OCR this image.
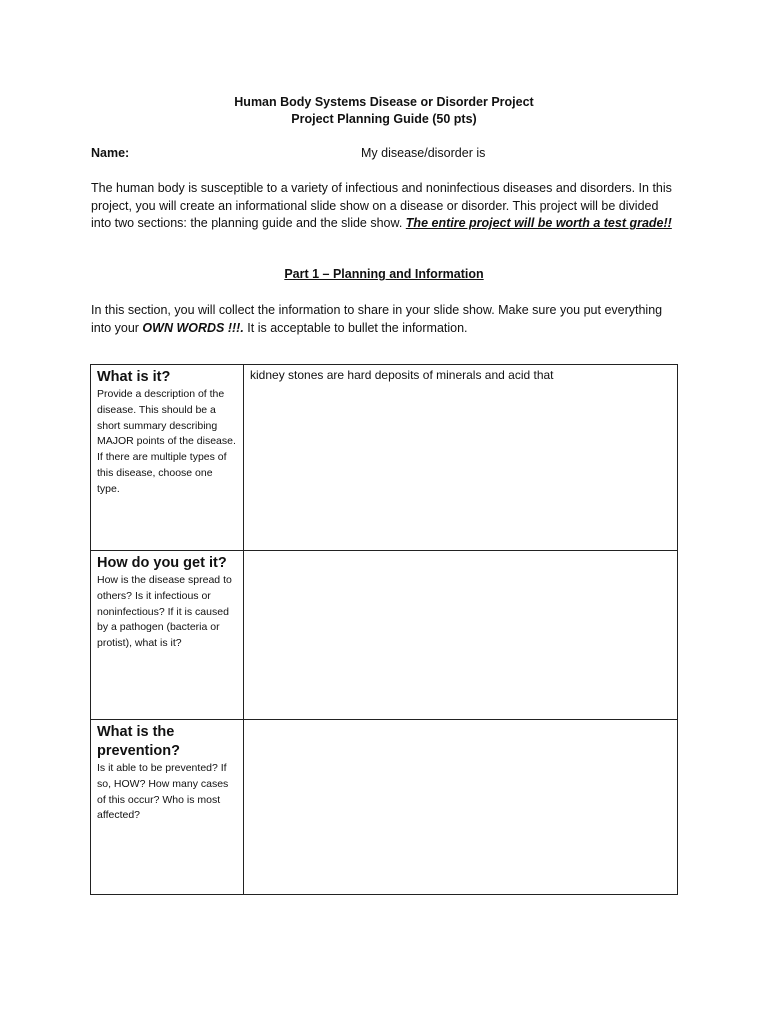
Human Body Systems Disease or Disorder Project
Project Planning Guide (50 pts)
Name:	My disease/disorder is
The human body is susceptible to a variety of infectious and noninfectious diseases and disorders. In this project, you will create an informational slide show on a disease or disorder. This project will be divided into two sections: the planning guide and the slide show. The entire project will be worth a test grade!!
Part 1 – Planning and Information
In this section, you will collect the information to share in your slide show. Make sure you put everything into your OWN WORDS !!!. It is acceptable to bullet the information.
What is it?
Provide a description of the disease. This should be a short summary describing MAJOR points of the disease. If there are multiple types of this disease, choose one type.	kidney stones are hard deposits of minerals and acid that

How do you get it?
How is the disease spread to others? Is it infectious or noninfectious? If it is caused by a pathogen (bacteria or protist), what is it?	

What is the prevention?
Is it able to be prevented? If so, HOW? How many cases of this occur? Who is most affected?	
